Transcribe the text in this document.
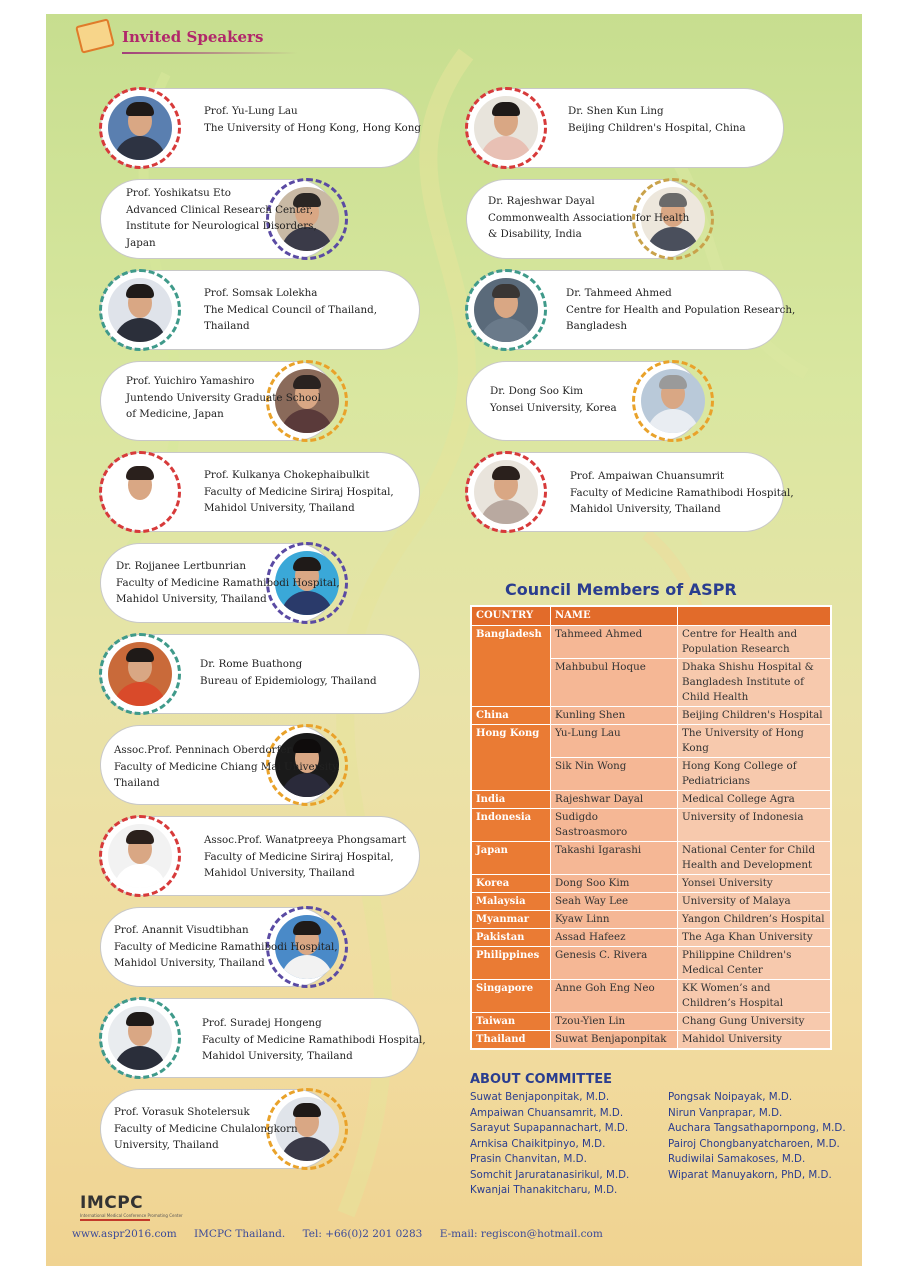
Invited Speakers
Prof. Yu-Lung Lau
The University of Hong Kong, Hong Kong
Dr. Shen Kun Ling
Beijing Children's Hospital, China
Prof. Yoshikatsu Eto
Advanced Clinical Research Center,
Institute for Neurological Disorders,
Japan
Dr. Rajeshwar Dayal
Commonwealth Association for Health
& Disability, India
Prof. Somsak Lolekha
The Medical Council of Thailand,
Thailand
Dr. Tahmeed Ahmed
Centre for Health and Population Research,
Bangladesh
Prof. Yuichiro Yamashiro
Juntendo University Graduate School
of Medicine, Japan
Dr. Dong Soo Kim
Yonsei University, Korea
Prof. Kulkanya Chokephaibulkit
Faculty of Medicine Siriraj Hospital,
Mahidol University, Thailand
Prof. Ampaiwan Chuansumrit
Faculty of Medicine Ramathibodi Hospital,
Mahidol University, Thailand
Dr. Rojjanee Lertbunrian
Faculty of Medicine Ramathibodi Hospital,
Mahidol University, Thailand
Dr. Rome Buathong
Bureau of Epidemiology, Thailand
Assoc.Prof. Penninach Oberdorfer
Faculty of Medicine Chiang Mai University,
Thailand
Assoc.Prof. Wanatpreeya Phongsamart
Faculty of Medicine Siriraj Hospital,
Mahidol University, Thailand
Prof. Anannit Visudtibhan
Faculty of Medicine Ramathibodi Hospital,
Mahidol University, Thailand
Prof. Suradej Hongeng
Faculty of Medicine Ramathibodi Hospital,
Mahidol University, Thailand
Prof. Vorasuk Shotelersuk
Faculty of Medicine Chulalongkorn
University, Thailand
Council Members of ASPR
COUNTRY	NAME	
Bangladesh	Tahmeed Ahmed	Centre for Health and Population Research
	Mahbubul Hoque	Dhaka Shishu Hospital & Bangladesh Institute of Child Health
China	Kunling Shen	Beijing Children's Hospital
Hong Kong	Yu-Lung Lau	The University of Hong Kong
	Sik Nin Wong	Hong Kong College of Pediatricians
India	Rajeshwar Dayal	Medical College Agra
Indonesia	Sudigdo Sastroasmoro	University of Indonesia
Japan	Takashi Igarashi	National Center for Child Health and Development
Korea	Dong Soo Kim	Yonsei University
Malaysia	Seah Way Lee	University of Malaya
Myanmar	Kyaw Linn	Yangon Children’s Hospital
Pakistan	Assad Hafeez	The Aga Khan University
Philippines	Genesis C. Rivera	Philippine Children's Medical Center
Singapore	Anne Goh Eng Neo	KK Women’s and Children’s Hospital
Taiwan	Tzou-Yien Lin	Chang Gung University
Thailand	Suwat Benjaponpitak	Mahidol University
ABOUT COMMITTEE
Suwat Benjaponpitak, M.D.
Ampaiwan Chuansamrit, M.D.
Sarayut Supapannachart, M.D.
Arnkisa Chaikitpinyo, M.D.
Prasin Chanvitan, M.D.
Somchit Jaruratanasirikul, M.D.
Kwanjai Thanakitcharu, M.D.
Pongsak Noipayak, M.D.
Nirun Vanprapar, M.D.
Auchara Tangsathapornpong, M.D.
Pairoj Chongbanyatcharoen, M.D.
Rudiwilai Samakoses, M.D.
Wiparat Manuyakorn, PhD, M.D.
IMCPC
International Medical Conference Promoting Center
www.aspr2016.com IMCPC Thailand. Tel: +66(0)2 201 0283 E-mail: regiscon@hotmail.com
